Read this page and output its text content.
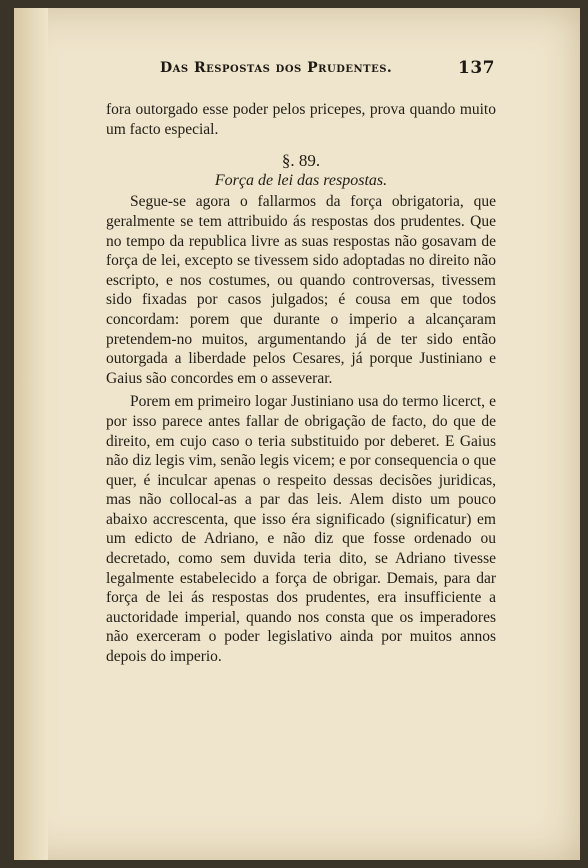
Das Respostas dos Prudentes.	137

fora outorgado esse poder pelos pricepes, prova quando muito um facto especial.

§. 89.

Força de lei das respostas.

Segue-se agora o fallarmos da força obrigatoria, que geralmente se tem attribuido ás respostas dos prudentes. Que no tempo da republica livre as suas respostas não gosavam de força de lei, excepto se tivessem sido adoptadas no direito não escripto, e nos costumes, ou quando controversas, tivessem sido fixadas por casos julgados; é cousa em que todos concordam: porem que durante o imperio a alcançaram pretendem-no muitos, argumentando já de ter sido então outorgada a liberdade pelos Cesares, já porque Justiniano e Gaius são concordes em o asseverar.

Porem em primeiro logar Justiniano usa do termo licerct, e por isso parece antes fallar de obrigação de facto, do que de direito, em cujo caso o teria substituido por deberet. E Gaius não diz legis vim, senão legis vicem; e por consequencia o que quer, é inculcar apenas o respeito dessas decisões juridicas, mas não collocal-as a par das leis. Alem disto um pouco abaixo accrescenta, que isso éra significado (significatur) em um edicto de Adriano, e não diz que fosse ordenado ou decretado, como sem duvida teria dito, se Adriano tivesse legalmente estabelecido a força de obrigar. Demais, para dar força de lei ás respostas dos prudentes, era insufficiente a auctoridade imperial, quando nos consta que os imperadores não exerceram o poder legislativo ainda por muitos annos depois do imperio.
